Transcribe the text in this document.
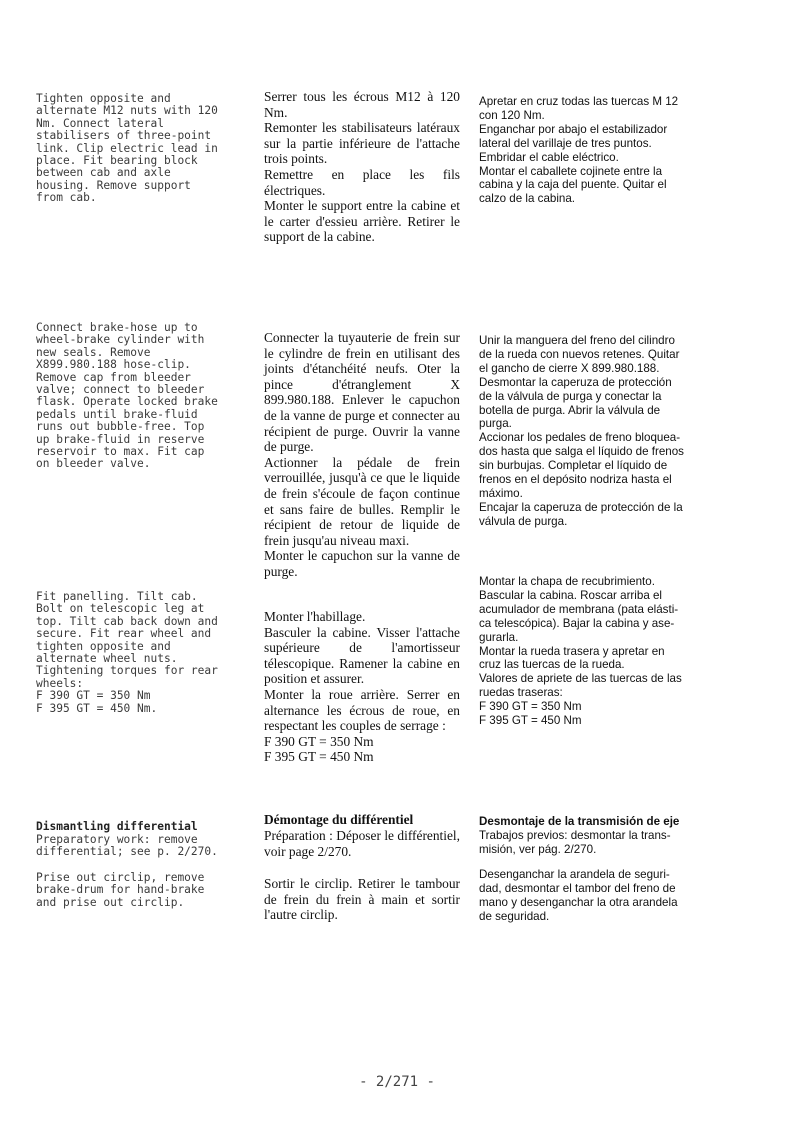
Tighten opposite and
alternate M12 nuts with 120
Nm. Connect lateral
stabilisers of three-point
link. Clip electric lead in
place. Fit bearing block
between cab and axle
housing. Remove support
from cab.
Connect brake-hose up to
wheel-brake cylinder with
new seals. Remove
X899.980.188 hose-clip.
Remove cap from bleeder
valve; connect to bleeder
flask. Operate locked brake
pedals until brake-fluid
runs out bubble-free. Top
up brake-fluid in reserve
reservoir to max. Fit cap
on bleeder valve.
Fit panelling. Tilt cab.
Bolt on telescopic leg at
top. Tilt cab back down and
secure. Fit rear wheel and
tighten opposite and
alternate wheel nuts.
Tightening torques for rear
wheels:
F 390 GT = 350 Nm
F 395 GT = 450 Nm.
Dismantling differential
Preparatory work: remove
differential; see p. 2/270.
Prise out circlip, remove
brake-drum for hand-brake
and prise out circlip.
Serrer tous les écrous M12 à 120 Nm.
Remonter les stabilisateurs latéraux sur la partie inférieure de l'attache trois points.
Remettre en place les fils électriques.
Monter le support entre la cabine et le carter d'essieu arrière. Retirer le support de la cabine.
Connecter la tuyauterie de frein sur le cylindre de frein en utilisant des joints d'étanchéité neufs. Oter la pince d'étranglement X 899.980.188. Enlever le capuchon de la vanne de purge et connecter au récipient de purge. Ouvrir la vanne de purge.
Actionner la pédale de frein verrouillée, jusqu'à ce que le liquide de frein s'écoule de façon continue et sans faire de bulles. Remplir le récipient de retour de liquide de frein jusqu'au niveau maxi.
Monter le capuchon sur la vanne de purge.
Monter l'habillage.
Basculer la cabine. Visser l'attache supérieure de l'amortisseur télescopique. Ramener la cabine en position et assurer.
Monter la roue arrière. Serrer en alternance les écrous de roue, en respectant les couples de serrage :
F 390 GT = 350 Nm
F 395 GT = 450 Nm
Démontage du différentiel
Préparation : Déposer le différentiel, voir page 2/270.
Sortir le circlip. Retirer le tambour de frein du frein à main et sortir l'autre circlip.
Apretar en cruz todas las tuercas M 12
con 120 Nm.
Enganchar por abajo el estabilizador
lateral del varillaje de tres puntos.
Embridar el cable eléctrico.
Montar el caballete cojinete entre la
cabina y la caja del puente. Quitar el
calzo de la cabina.
Unir la manguera del freno del cilindro
de la rueda con nuevos retenes. Quitar
el gancho de cierre X 899.980.188.
Desmontar la caperuza de protección
de la válvula de purga y conectar la
botella de purga. Abrir la válvula de
purga.
Accionar los pedales de freno bloquea-
dos hasta que salga el líquido de frenos
sin burbujas. Completar el líquido de
frenos en el depósito nodriza hasta el
máximo.
Encajar la caperuza de protección de la
válvula de purga.
Montar la chapa de recubrimiento.
Bascular la cabina. Roscar arriba el
acumulador de membrana (pata elásti-
ca telescópica). Bajar la cabina y ase-
gurarla.
Montar la rueda trasera y apretar en
cruz las tuercas de la rueda.
Valores de apriete de las tuercas de las
ruedas traseras:
F 390 GT = 350 Nm
F 395 GT = 450 Nm
Desmontaje de la transmisión de eje
Trabajos previos: desmontar la trans-
misión, ver pág. 2/270.
Desenganchar la arandela de seguri-
dad, desmontar el tambor del freno de
mano y desenganchar la otra arandela
de seguridad.
- 2/271 -
